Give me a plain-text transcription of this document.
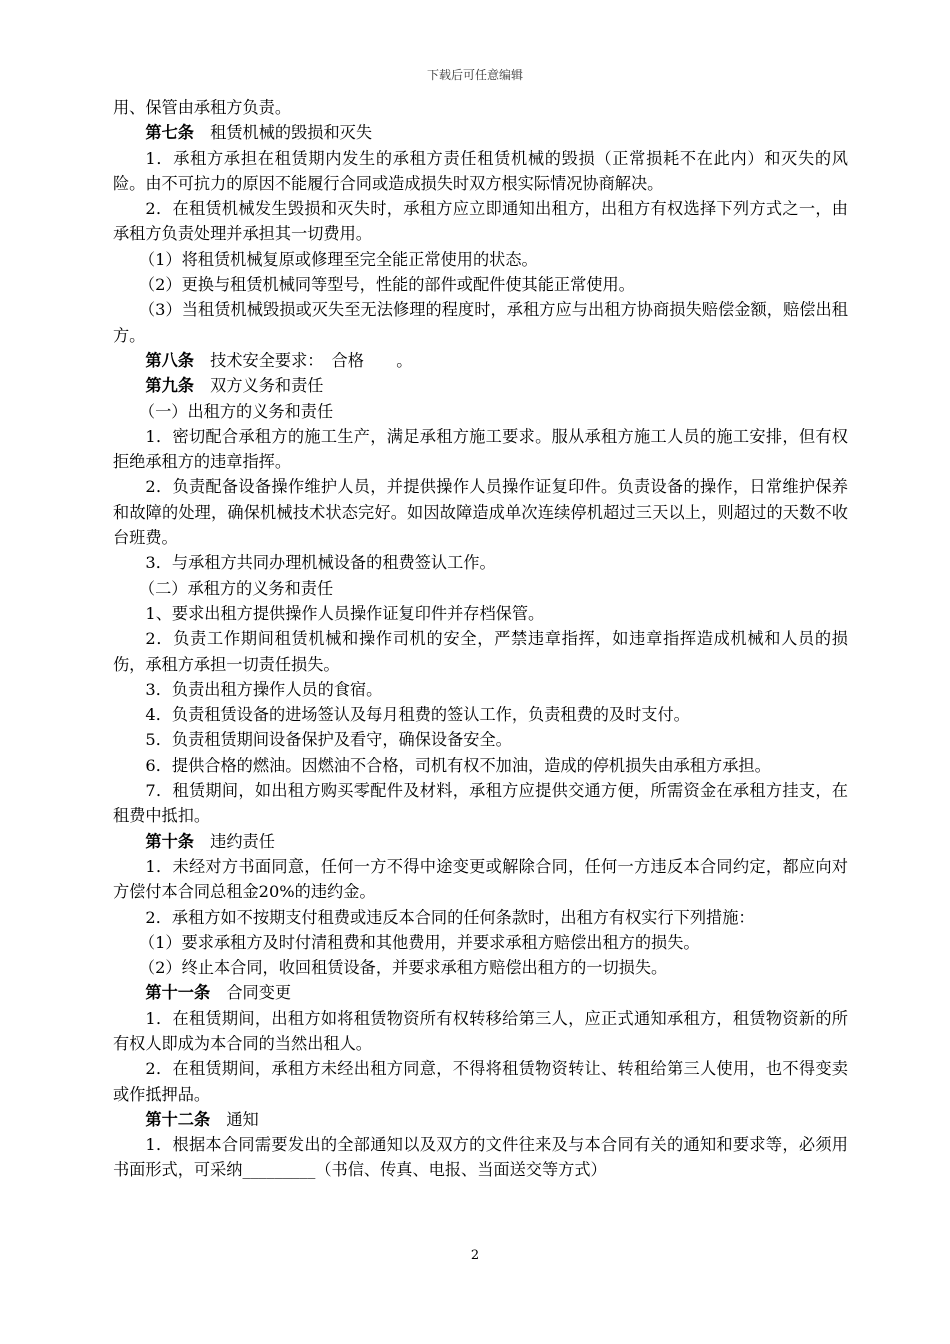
下载后可任意编辑

用、保管由承租方负责。

第七条　 租赁机械的毁损和灭失

1．承租方承担在租赁期内发生的承租方责任租赁机械的毁损（正常损耗不在此内）和灭失的风险。由不可抗力的原因不能履行合同或造成损失时双方根实际情况协商解决。

2．在租赁机械发生毁损和灭失时，承租方应立即通知出租方，出租方有权选择下列方式之一，由承租方负责处理并承担其一切费用。

（1）将租赁机械复原或修理至完全能正常使用的状态。

（2）更换与租赁机械同等型号，性能的部件或配件使其能正常使用。

（3）当租赁机械毁损或灭失至无法修理的程度时，承租方应与出租方协商损失赔偿金额，赔偿出租方。

第八条　 技术安全要求：　合格　　。

第九条　 双方义务和责任

（一）出租方的义务和责任

1．密切配合承租方的施工生产，满足承租方施工要求。服从承租方施工人员的施工安排，但有权拒绝承租方的违章指挥。

2．负责配备设备操作维护人员，并提供操作人员操作证复印件。负责设备的操作，日常维护保养和故障的处理，确保机械技术状态完好。如因故障造成单次连续停机超过三天以上，则超过的天数不收台班费。

3．与承租方共同办理机械设备的租费签认工作。

（二）承租方的义务和责任

1、要求出租方提供操作人员操作证复印件并存档保管。

2．负责工作期间租赁机械和操作司机的安全，严禁违章指挥，如违章指挥造成机械和人员的损伤，承租方承担一切责任损失。

3．负责出租方操作人员的食宿。

4．负责租赁设备的进场签认及每月租费的签认工作，负责租费的及时支付。

5．负责租赁期间设备保护及看守，确保设备安全。

6．提供合格的燃油。因燃油不合格，司机有权不加油，造成的停机损失由承租方承担。

7．租赁期间，如出租方购买零配件及材料，承租方应提供交通方便，所需资金在承租方挂支，在租费中抵扣。

第十条　 违约责任

1．未经对方书面同意，任何一方不得中途变更或解除合同，任何一方违反本合同约定，都应向对方偿付本合同总租金20%的违约金。

2．承租方如不按期支付租费或违反本合同的任何条款时，出租方有权实行下列措施：

（1）要求承租方及时付清租费和其他费用，并要求承租方赔偿出租方的损失。

（2）终止本合同，收回租赁设备，并要求承租方赔偿出租方的一切损失。

第十一条　 合同变更

1．在租赁期间，出租方如将租赁物资所有权转移给第三人，应正式通知承租方，租赁物资新的所有权人即成为本合同的当然出租人。

2．在租赁期间，承租方未经出租方同意，不得将租赁物资转让、转租给第三人使用，也不得变卖或作抵押品。

第十二条　 通知

1．根据本合同需要发出的全部通知以及双方的文件往来及与本合同有关的通知和要求等，必须用书面形式，可采纳_________（书信、传真、电报、当面送交等方式）

2
